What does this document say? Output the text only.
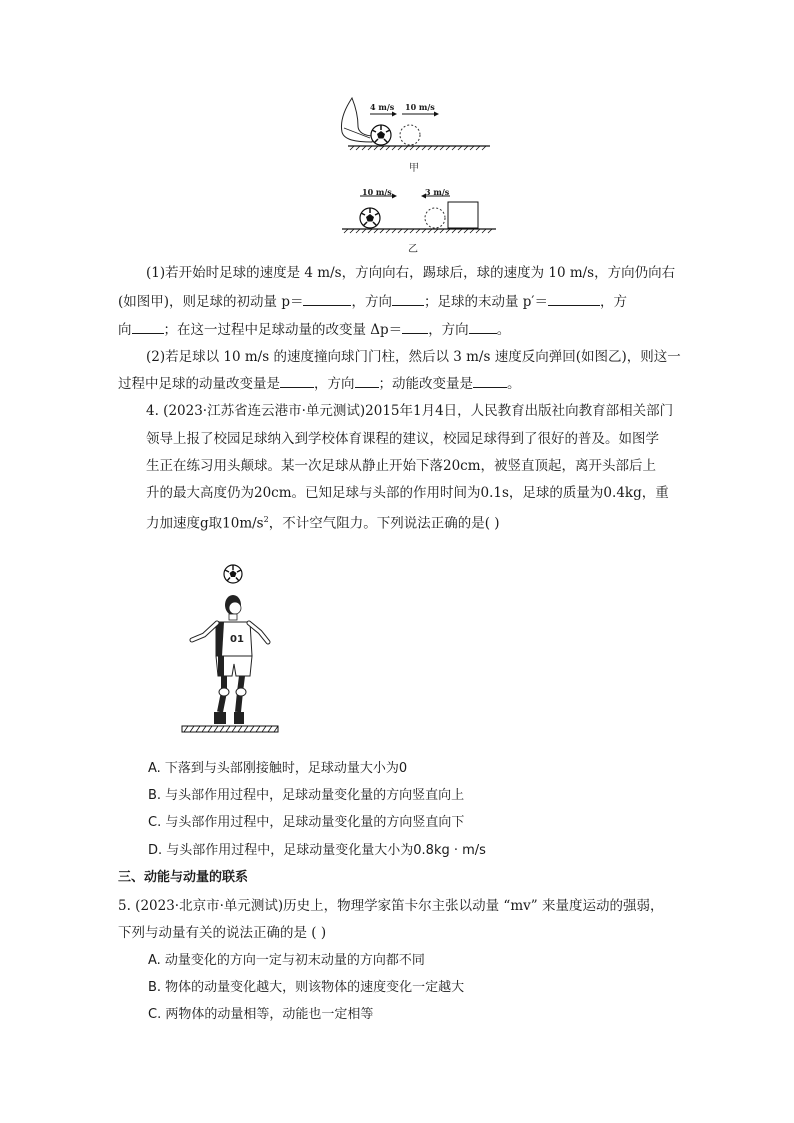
4 m/s 10 m/s
甲
10 m/s	3 m/s
乙
(1)若开始时足球的速度是 4 m/s，方向向右，踢球后，球的速度为 10 m/s，方向仍向右
(如图甲)，则足球的初动量 p＝	，方向 ；足球的末动量 p′＝	，方
向 ；在这一过程中足球动量的改变量 Δp＝ ，方向 。
(2)若足球以 10 m/s 的速度撞向球门门柱，然后以 3 m/s 速度反向弹回(如图乙)，则这一
过程中足球的动量改变量是	，方向 ；动能改变量是	。
4. (2023·江苏省连云港市·单元测试)2015年1月4日，人民教育出版社向教育部相关部门
领导上报了校园足球纳入到学校体育课程的建议，校园足球得到了很好的普及。如图学
生正在练习用头颠球。某一次足球从静止开始下落20cm，被竖直顶起，离开头部后上
升的最大高度仍为20cm。已知足球与头部的作用时间为0.1s，足球的质量为0.4kg，重
力加速度g取$10m/s^2$，不计空气阻力。下列说法正确的是( )
01
A. 下落到与头部刚接触时，足球动量大小为0
B. 与头部作用过程中，足球动量变化量的方向竖直向上
C. 与头部作用过程中，足球动量变化量的方向竖直向下
D. 与头部作用过程中，足球动量变化量大小为0.8kg · m/s
三、动能与动量的联系
5. (2023·北京市·单元测试)历史上，物理学家笛卡尔主张以动量 “mv” 来量度运动的强弱，
下列与动量有关的说法正确的是 ( )
A. 动量变化的方向一定与初末动量的方向都不同
B. 物体的动量变化越大，则该物体的速度变化一定越大
C. 两物体的动量相等，动能也一定相等
